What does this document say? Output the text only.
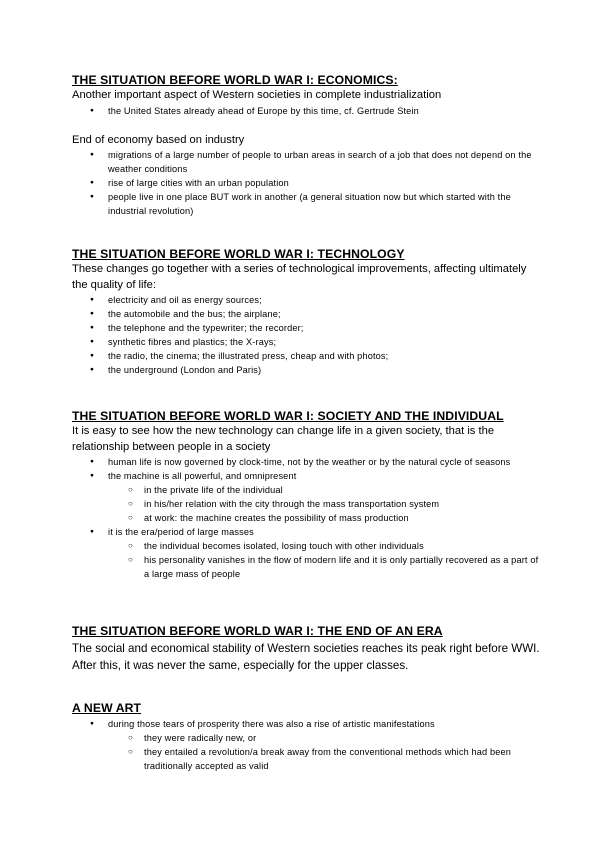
THE SITUATION BEFORE WORLD WAR I: ECONOMICS:
Another important aspect of Western societies in complete industrialization
● the United States already ahead of Europe by this time, cf. Gertrude Stein
End of economy based on industry
● migrations of a large number of people to urban areas in search of a job that does not depend on the weather conditions
● rise of large cities with an urban population
● people live in one place BUT work in another (a general situation now but which started with the industrial revolution)
THE SITUATION BEFORE WORLD WAR I: TECHNOLOGY
These changes go together with a series of technological improvements, affecting ultimately the quality of life:
● electricity and oil as energy sources;
● the automobile and the bus; the airplane;
● the telephone and the typewriter; the recorder;
● synthetic fibres and plastics; the X-rays;
● the radio, the cinema; the illustrated press, cheap and with photos;
● the underground (London and Paris)
THE SITUATION BEFORE WORLD WAR I: SOCIETY AND THE INDIVIDUAL
It is easy to see how the new technology can change life in a given society, that is the relationship between people in a society
● human life is now governed by clock-time, not by the weather or by the natural cycle of seasons
● the machine is all powerful, and omnipresent
○ in the private life of the individual
○ in his/her relation with the city through the mass transportation system
○ at work: the machine creates the possibility of mass production
● it is the era/period of large masses
○ the individual becomes isolated, losing touch with other individuals
○ his personality vanishes in the flow of modern life and it is only partially recovered as a part of a large mass of people
THE SITUATION BEFORE WORLD WAR I: THE END OF AN ERA
The social and economical stability of Western societies reaches its peak right before WWI. After this, it was never the same, especially for the upper classes.
A NEW ART
● during those tears of prosperity there was also a rise of artistic manifestations
○ they were radically new, or
○ they entailed a revolution/a break away from the conventional methods which had been traditionally accepted as valid
